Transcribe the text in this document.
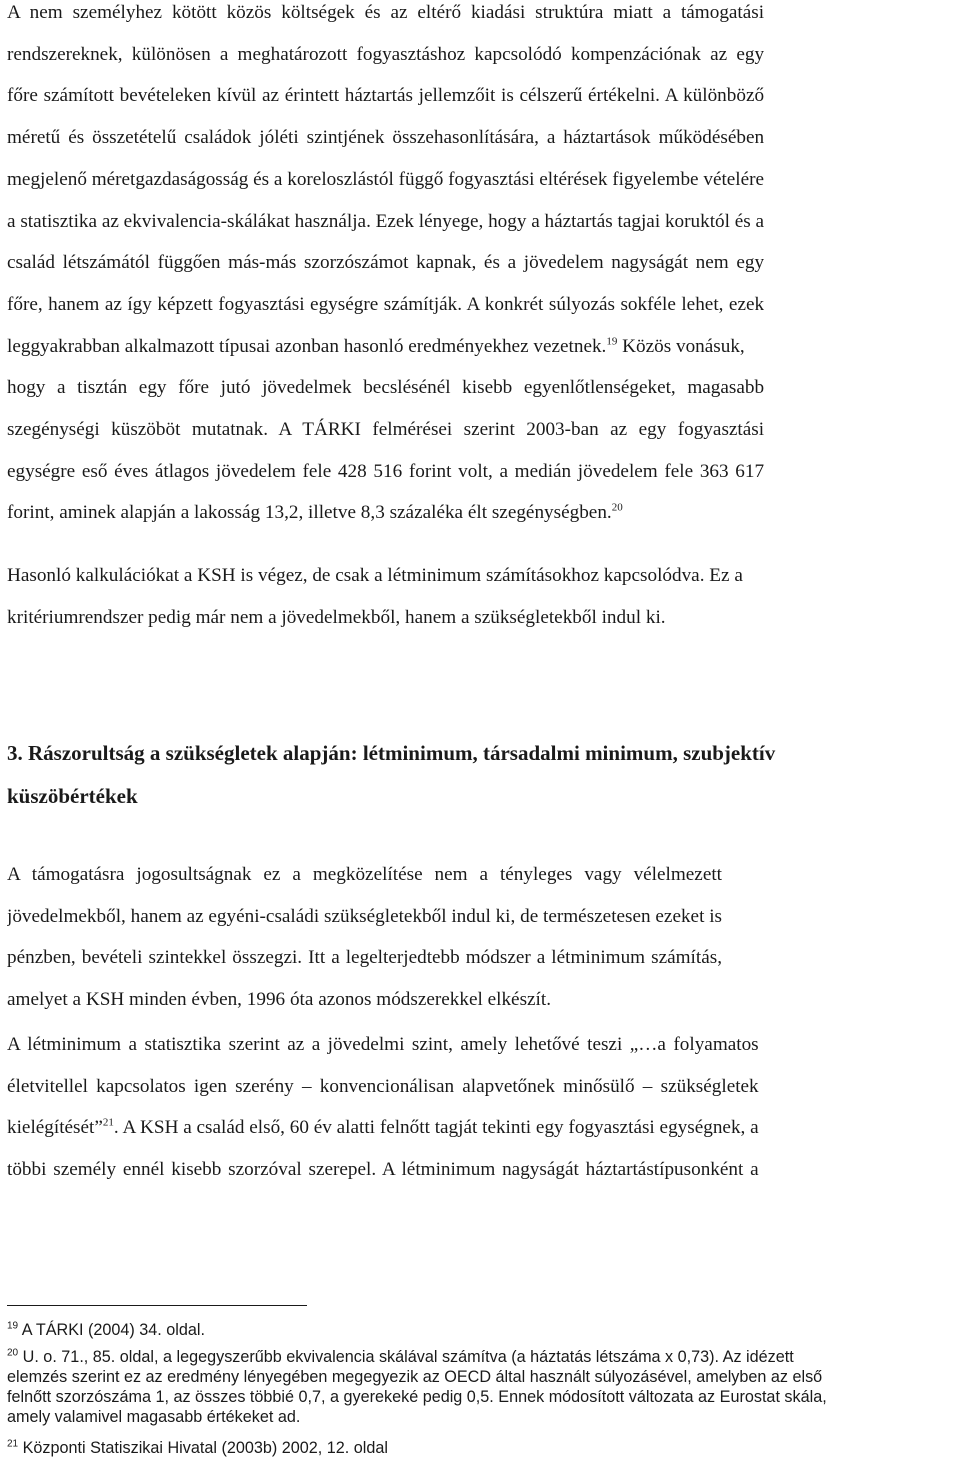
A nem személyhez kötött közös költségek és az eltérő kiadási struktúra miatt a támogatási
rendszereknek, különösen a meghatározott fogyasztáshoz kapcsolódó kompenzációnak az egy
főre számított bevételeken kívül az érintett háztartás jellemzőit is célszerű értékelni. A különböző
méretű és összetételű családok jóléti szintjének összehasonlítására, a háztartások működésében
megjelenő méretgazdaságosság és a koreloszlástól függő fogyasztási eltérések figyelembe vételére
a statisztika az ekvivalencia-skálákat használja. Ezek lényege, hogy a háztartás tagjai koruktól és a
család létszámától függően más-más szorzószámot kapnak, és a jövedelem nagyságát nem egy
főre, hanem az így képzett fogyasztási egységre számítják. A konkrét súlyozás sokféle lehet, ezek
leggyakrabban alkalmazott típusai azonban hasonló eredményekhez vezetnek.$^{19}$ Közös vonásuk,
hogy a tisztán egy főre jutó jövedelmek becslésénél kisebb egyenlőtlenségeket, magasabb
szegénységi küszöböt mutatnak. A TÁRKI felmérései szerint 2003-ban az egy fogyasztási
egységre eső éves átlagos jövedelem fele 428 516 forint volt, a medián jövedelem fele 363 617
forint, aminek alapján a lakosság 13,2, illetve 8,3 százaléka élt szegénységben.$^{20}$
Hasonló kalkulációkat a KSH is végez, de csak a létminimum számításokhoz kapcsolódva. Ez a
kritériumrendszer pedig már nem a jövedelmekből, hanem a szükségletekből indul ki.
3. Rászorultság a szükségletek alapján: létminimum, társadalmi minimum, szubjektív
küszöbértékek
A támogatásra jogosultságnak ez a megközelítése nem a tényleges vagy vélelmezett
jövedelmekből, hanem az egyéni-családi szükségletekből indul ki, de természetesen ezeket is
pénzben, bevételi szintekkel összegzi. Itt a legelterjedtebb módszer a létminimum számítás,
amelyet a KSH minden évben, 1996 óta azonos módszerekkel elkészít.
A létminimum a statisztika szerint az a jövedelmi szint, amely lehetővé teszi „…a folyamatos
életvitellel kapcsolatos igen szerény – konvencionálisan alapvetőnek minősülő – szükségletek
kielégítését”$^{21}$. A KSH a család első, 60 év alatti felnőtt tagját tekinti egy fogyasztási egységnek, a
többi személy ennél kisebb szorzóval szerepel. A létminimum nagyságát háztartástípusonként a
$^{19}$ A TÁRKI (2004) 34. oldal.
$^{20}$ U. o. 71., 85. oldal, a legegyszerűbb ekvivalencia skálával számítva (a háztatás létszáma x 0,73). Az idézett
elemzés szerint ez az eredmény lényegében megegyezik az OECD által használt súlyozásével, amelyben az első
felnőtt szorzószáma 1, az összes többié 0,7, a gyerekeké pedig 0,5. Ennek módosított változata az Eurostat skála,
amely valamivel magasabb értékeket ad.
$^{21}$ Központi Statiszikai Hivatal (2003b) 2002, 12. oldal
